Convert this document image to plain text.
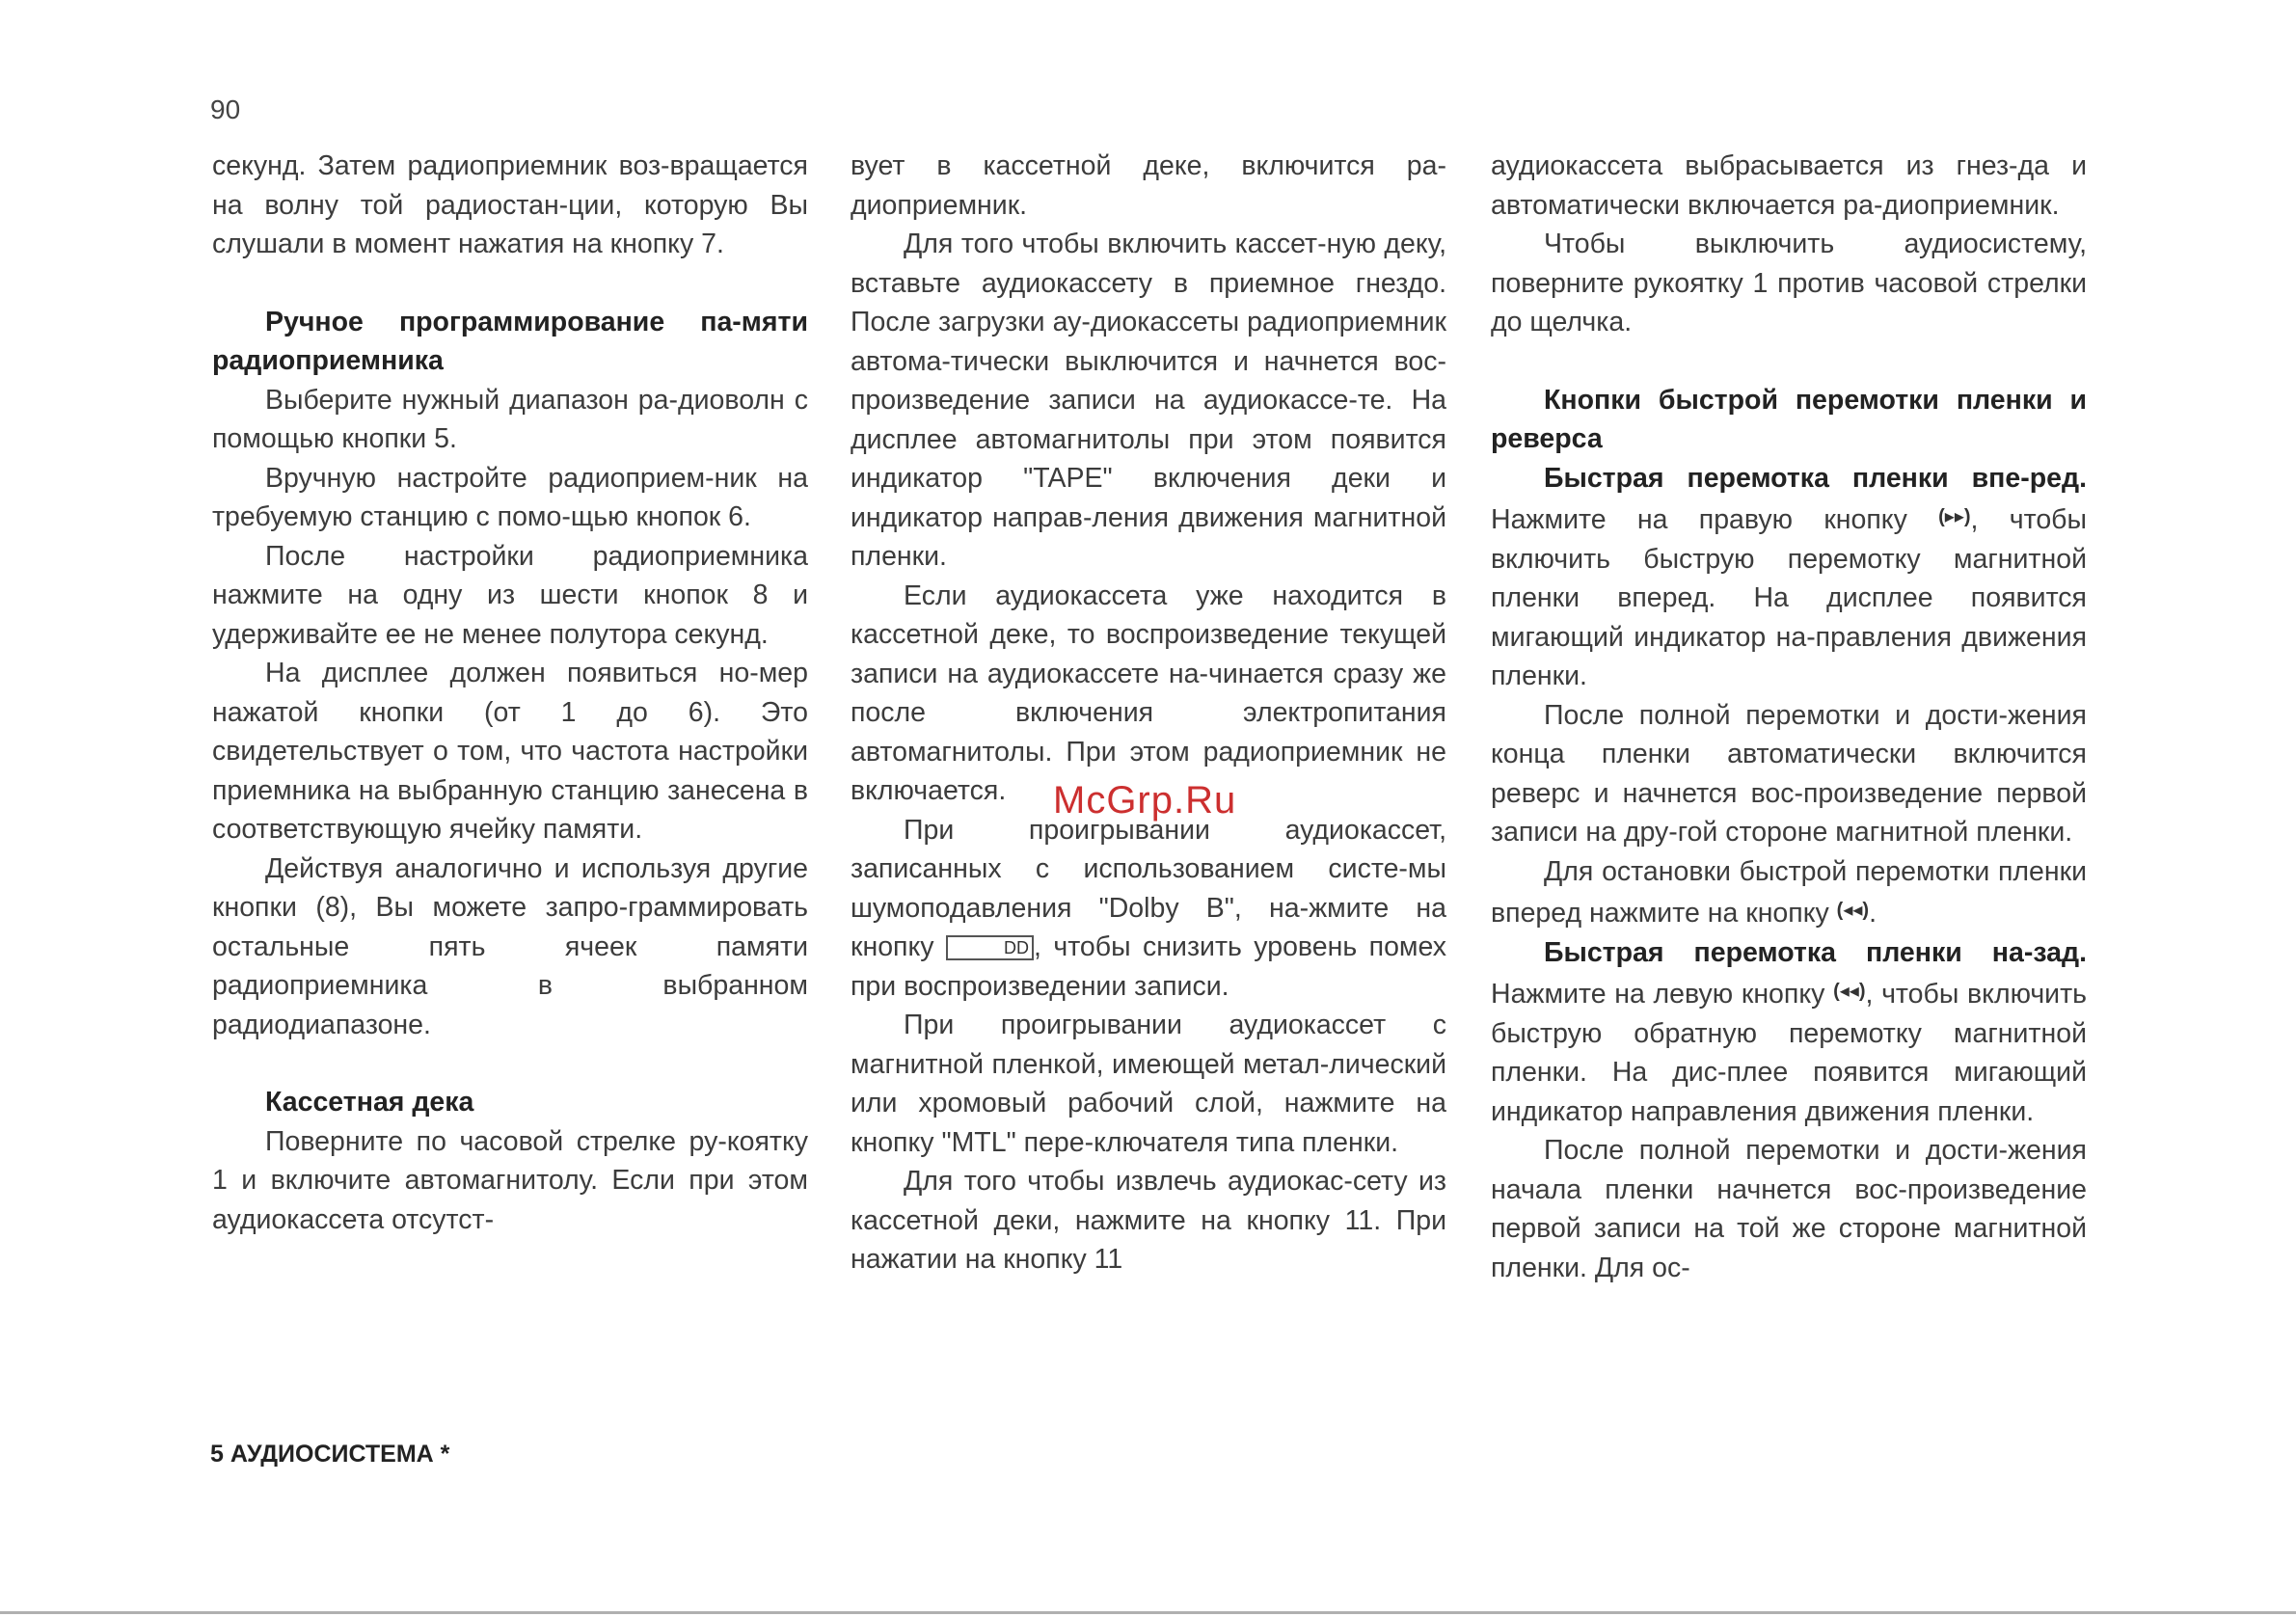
90

секунд. Затем радиоприемник воз-вращается на волну той радиостан-ции, которую Вы слушали в момент нажатия на кнопку 7.

Ручное программирование па-мяти радиоприемника

Выберите нужный диапазон ра-диоволн с помощью кнопки 5.

Вручную настройте радиоприем-ник на требуемую станцию с помо-щью кнопок 6.

После настройки радиоприемника нажмите на одну из шести кнопок 8 и удерживайте ее не менее полутора секунд.

На дисплее должен появиться но-мер нажатой кнопки (от 1 до 6). Это свидетельствует о том, что частота настройки приемника на выбранную станцию занесена в соответствующую ячейку памяти.

Действуя аналогично и используя другие кнопки (8), Вы можете запро-граммировать остальные пять ячеек памяти радиоприемника в выбранном радиодиапазоне.

Кассетная дека

Поверните по часовой стрелке ру-коятку 1 и включите автомагнитолу. Если при этом аудиокассета отсутст-

вует в кассетной деке, включится ра-диоприемник.

Для того чтобы включить кассет-ную деку, вставьте аудиокассету в приемное гнездо. После загрузки ау-диокассеты радиоприемник автома-тически выключится и начнется вос-произведение записи на аудиокассе-те. На дисплее автомагнитолы при этом появится индикатор "TAPE" включения деки и индикатор направ-ления движения магнитной пленки.

Если аудиокассета уже находится в кассетной деке, то воспроизведение текущей записи на аудиокассете на-чинается сразу же после включения электропитания автомагнитолы. При этом радиоприемник не включается.

При проигрывании аудиокассет, записанных с использованием систе-мы шумоподавления "Dolby B", на-жмите на кнопку	DD , чтобы снизить уровень помех при воспроизведении записи.

При проигрывании аудиокассет с магнитной пленкой, имеющей метал-лический или хромовый рабочий слой, нажмите на кнопку "MTL" пере-ключателя типа пленки.

Для того чтобы извлечь аудиокас-сету из кассетной деки, нажмите на кнопку 11. При нажатии на кнопку 11

аудиокассета выбрасывается из гнез-да и автоматически включается ра-диоприемник.

Чтобы выключить аудиосистему, поверните рукоятку 1 против часовой стрелки до щелчка.

Кнопки быстрой перемотки пленки и реверса

Быстрая перемотка пленки впе-ред. Нажмите на правую кнопку (▸▸), чтобы включить быструю перемотку магнитной пленки вперед. На дисплее появится мигающий индикатор на-правления движения пленки.

После полной перемотки и дости-жения конца пленки автоматически включится реверс и начнется вос-произведение первой записи на дру-гой стороне магнитной пленки.

Для остановки быстрой перемотки пленки вперед нажмите на кнопку (◂◂).

Быстрая перемотка пленки на-зад. Нажмите на левую кнопку (◂◂), чтобы включить быструю обратную перемотку магнитной пленки. На дис-плее появится мигающий индикатор направления движения пленки.

После полной перемотки и дости-жения начала пленки начнется вос-произведение первой записи на той же стороне магнитной пленки. Для ос-

McGrp.Ru
5 АУДИОСИСТЕМА *
